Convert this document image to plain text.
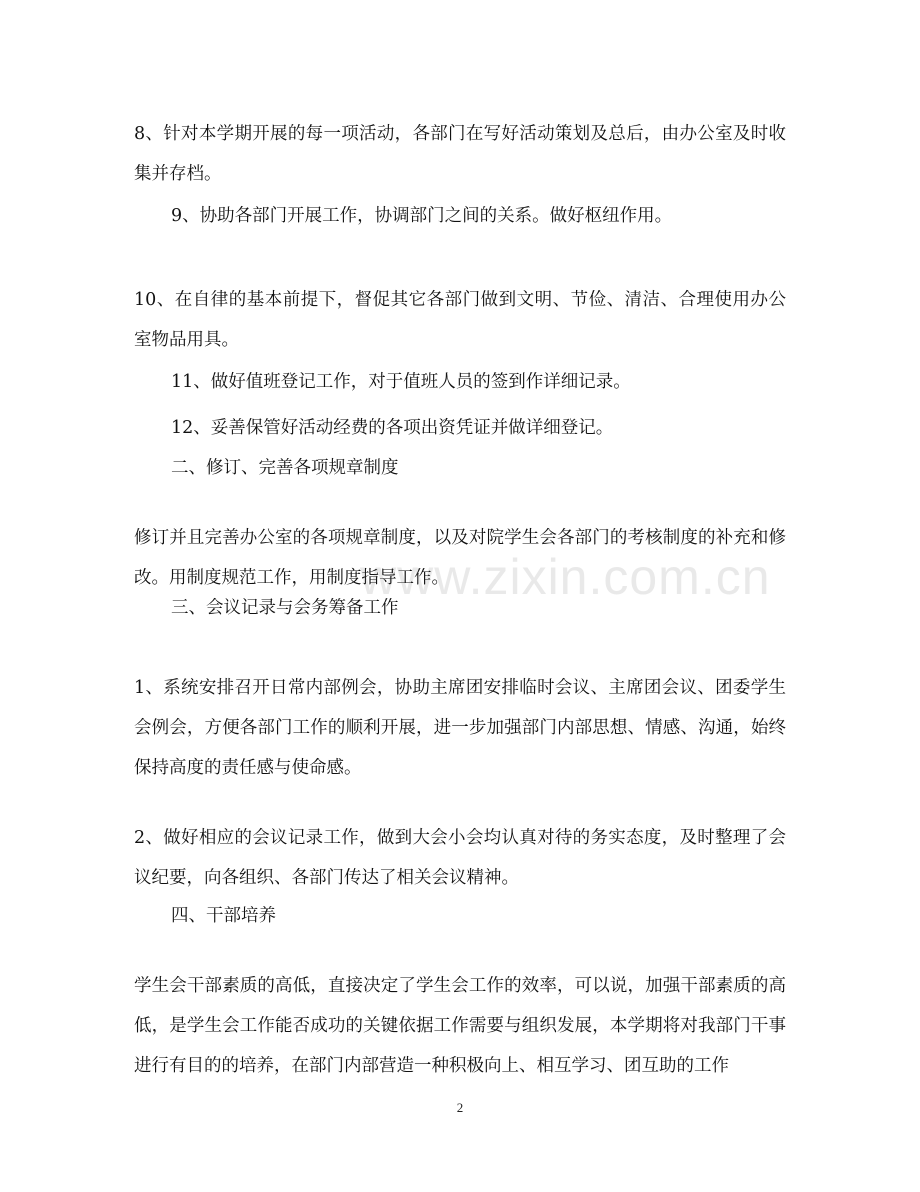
8、针对本学期开展的每一项活动，各部门在写好活动策划及总后，由办公室及时收集并存档。

9、协助各部门开展工作，协调部门之间的关系。做好枢纽作用。

10、在自律的基本前提下，督促其它各部门做到文明、节俭、清洁、合理使用办公室物品用具。

11、做好值班登记工作，对于值班人员的签到作详细记录。

12、妥善保管好活动经费的各项出资凭证并做详细登记。

二、修订、完善各项规章制度

修订并且完善办公室的各项规章制度，以及对院学生会各部门的考核制度的补充和修改。用制度规范工作，用制度指导工作。

三、会议记录与会务筹备工作

1、系统安排召开日常内部例会，协助主席团安排临时会议、主席团会议、团委学生会例会，方便各部门工作的顺利开展，进一步加强部门内部思想、情感、沟通，始终保持高度的责任感与使命感。

2、做好相应的会议记录工作，做到大会小会均认真对待的务实态度，及时整理了会议纪要，向各组织、各部门传达了相关会议精神。

四、干部培养

学生会干部素质的高低，直接决定了学生会工作的效率，可以说，加强干部素质的高低，是学生会工作能否成功的关键依据工作需要与组织发展，本学期将对我部门干事进行有目的的培养，在部门内部营造一种积极向上、相互学习、团互助的工作

www.zixin.com.cn
2
